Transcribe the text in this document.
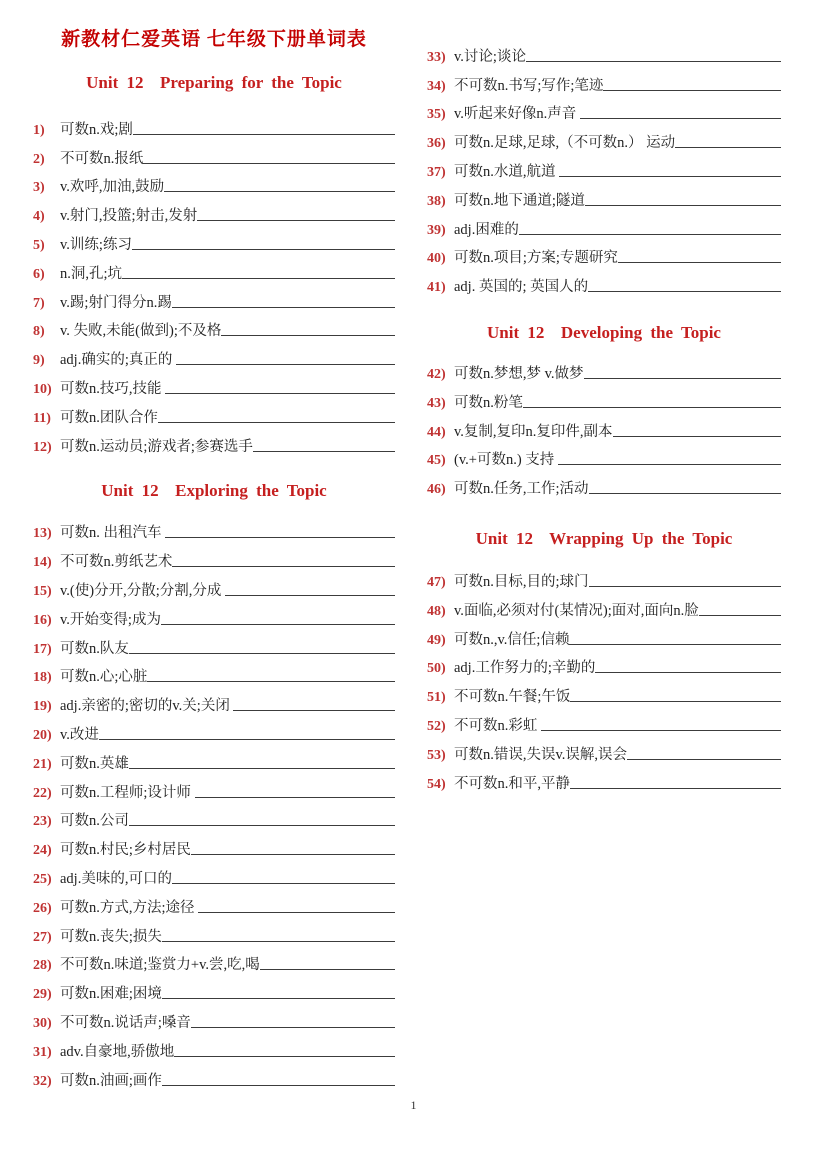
新教材仁爱英语 七年级下册单词表
Unit 12  Preparing for the Topic
1)	可数n.戏;剧
2)	不可数n.报纸
3)	v.欢呼,加油,鼓励
4)	v.射门,投篮;射击,发射
5)	v.训练;练习
6)	n.洞,孔;坑
7)	v.踢;射门得分n.踢
8)	v. 失败,未能(做到);不及格
9)	adj.确实的;真正的
10) 可数n.技巧,技能
11) 可数n.团队合作
12) 可数n.运动员;游戏者;参赛选手
Unit 12  Exploring the Topic
13) 可数n. 出租汽车
14) 不可数n.剪纸艺术
15) v.(使)分开,分散;分割,分成
16) v.开始变得;成为
17) 可数n.队友
18) 可数n.心;心脏
19) adj.亲密的;密切的v.关;关闭
20) v.改进
21) 可数n.英雄
22) 可数n.工程师;设计师
23) 可数n.公司
24) 可数n.村民;乡村居民
25) adj.美味的,可口的
26) 可数n.方式,方法;途径
27) 可数n.丧失;损失
28) 不可数n.味道;鉴赏力+v.尝,吃,喝
29) 可数n.困难;困境
30) 不可数n.说话声;嗓音
31) adv.自豪地,骄傲地
32) 可数n.油画;画作
33) v.讨论;谈论
34) 不可数n.书写;写作;笔迹
35) v.听起来好像n.声音
36) 可数n.足球,足球,（不可数n.） 运动
37) 可数n.水道,航道
38) 可数n.地下通道;隧道
39) adj.困难的
40) 可数n.项目;方案;专题研究
41) adj. 英国的; 英国人的
Unit 12  Developing the Topic
42) 可数n.梦想,梦 v.做梦
43) 可数n.粉笔
44) v.复制,复印n.复印件,副本
45) (v.+可数n.) 支持
46) 可数n.任务,工作;活动
Unit 12  Wrapping Up the Topic
47) 可数n.目标,目的;球门
48) v.面临,必须对付(某情况);面对,面向n.脸
49) 可数n.,v.信任;信赖
50) adj.工作努力的;辛勤的
51) 不可数n.午餐;午饭
52) 不可数n.彩虹
53) 可数n.错误,失误v.误解,误会
54) 不可数n.和平,平静
1
